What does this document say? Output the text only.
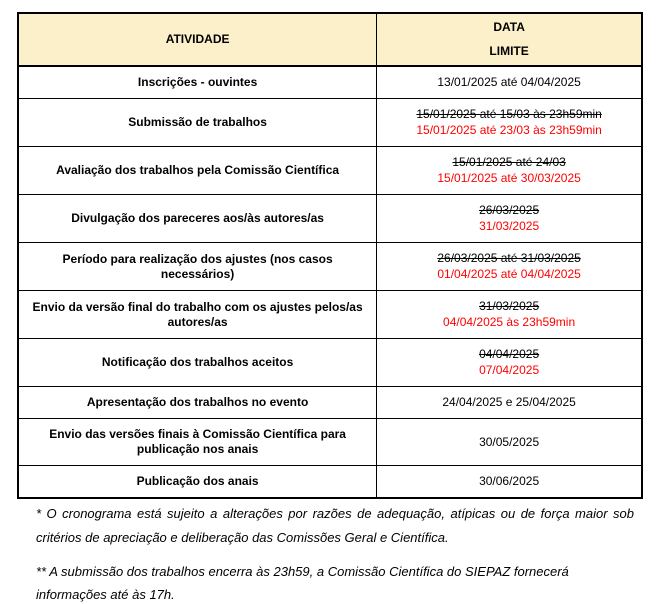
ATIVIDADE	DATA
LIMITE

Inscrições - ouvintes	13/01/2025 até 04/04/2025
Submissão de trabalhos	15/01/2025 até 15/03 às 23h59min
15/01/2025 até 23/03 às 23h59min

Avaliação dos trabalhos pela Comissão Científica	15/01/2025 até 24/03
15/01/2025 até 30/03/2025

Divulgação dos pareceres aos/às autores/as	26/03/2025
31/03/2025

Período para realização dos ajustes (nos casos necessários)	26/03/2025 até 31/03/2025
01/04/2025 até 04/04/2025

Envio da versão final do trabalho com os ajustes pelos/as autores/as	31/03/2025
04/04/2025 às 23h59min

Notificação dos trabalhos aceitos	04/04/2025
07/04/2025

Apresentação dos trabalhos no evento	24/04/2025 e 25/04/2025
Envio das versões finais à Comissão Científica para publicação nos anais	30/05/2025
Publicação dos anais	30/06/2025

* O cronograma está sujeito a alterações por razões de adequação, atípicas ou de força maior sob critérios de apreciação e deliberação das Comissões Geral e Científica.

** A submissão dos trabalhos encerra às 23h59, a Comissão Científica do SIEPAZ fornecerá informações até às 17h.
